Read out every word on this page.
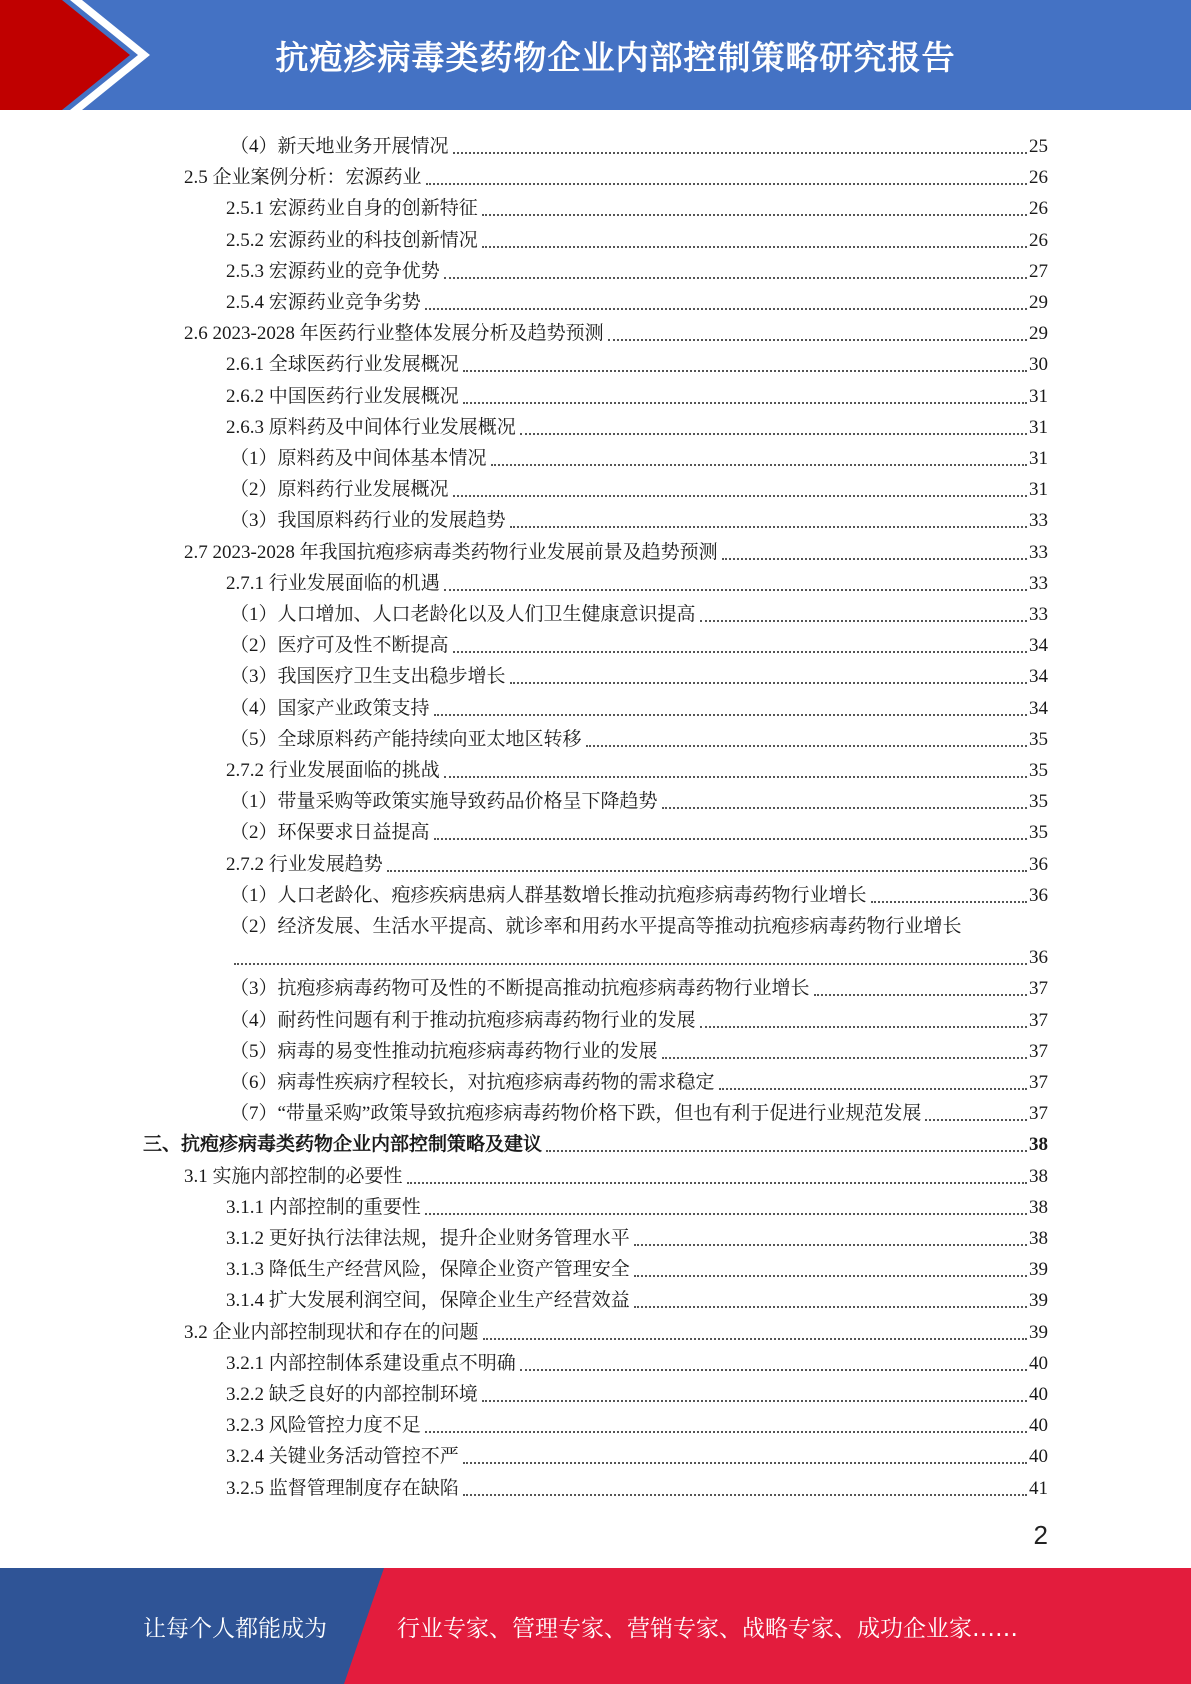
抗疱疹病毒类药物企业内部控制策略研究报告
（4）新天地业务开展情况	25
2.5 企业案例分析：宏源药业	26
2.5.1 宏源药业自身的创新特征	26
2.5.2 宏源药业的科技创新情况	26
2.5.3 宏源药业的竞争优势	27
2.5.4 宏源药业竞争劣势	29
2.6 2023-2028 年医药行业整体发展分析及趋势预测	29
2.6.1 全球医药行业发展概况	30
2.6.2 中国医药行业发展概况	31
2.6.3 原料药及中间体行业发展概况	31
（1）原料药及中间体基本情况	31
（2）原料药行业发展概况	31
（3）我国原料药行业的发展趋势	33
2.7 2023-2028 年我国抗疱疹病毒类药物行业发展前景及趋势预测	33
2.7.1 行业发展面临的机遇	33
（1）人口增加、人口老龄化以及人们卫生健康意识提高	33
（2）医疗可及性不断提高	34
（3）我国医疗卫生支出稳步增长	34
（4）国家产业政策支持	34
（5）全球原料药产能持续向亚太地区转移	35
2.7.2 行业发展面临的挑战	35
（1）带量采购等政策实施导致药品价格呈下降趋势	35
（2）环保要求日益提高	35
2.7.2 行业发展趋势	36
（1）人口老龄化、疱疹疾病患病人群基数增长推动抗疱疹病毒药物行业增长	36
（2）经济发展、生活水平提高、就诊率和用药水平提高等推动抗疱疹病毒药物行业增长
36
（3）抗疱疹病毒药物可及性的不断提高推动抗疱疹病毒药物行业增长	37
（4）耐药性问题有利于推动抗疱疹病毒药物行业的发展	37
（5）病毒的易变性推动抗疱疹病毒药物行业的发展	37
（6）病毒性疾病疗程较长，对抗疱疹病毒药物的需求稳定	37
（7）“带量采购”政策导致抗疱疹病毒药物价格下跌，但也有利于促进行业规范发展	37
三、抗疱疹病毒类药物企业内部控制策略及建议	38
3.1 实施内部控制的必要性	38
3.1.1 内部控制的重要性	38
3.1.2 更好执行法律法规，提升企业财务管理水平	38
3.1.3 降低生产经营风险，保障企业资产管理安全	39
3.1.4 扩大发展利润空间，保障企业生产经营效益	39
3.2 企业内部控制现状和存在的问题	39
3.2.1 内部控制体系建设重点不明确	40
3.2.2 缺乏良好的内部控制环境	40
3.2.3 风险管控力度不足	40
3.2.4 关键业务活动管控不严	40
3.2.5 监督管理制度存在缺陷	41
2
让每个人都能成为	行业专家、管理专家、营销专家、战略专家、成功企业家……
